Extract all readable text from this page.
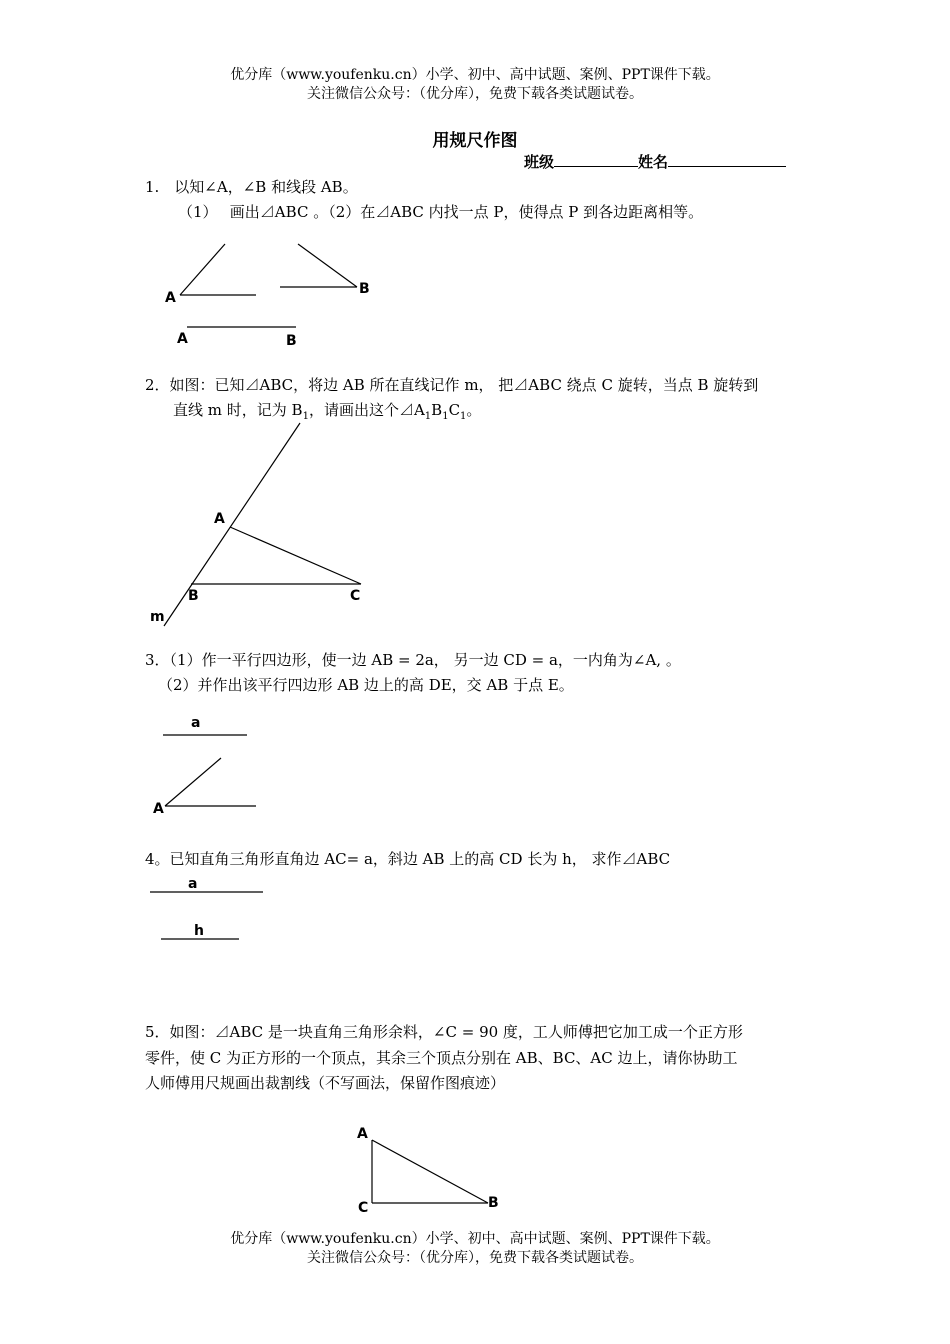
优分库（www.youfenku.cn）小学、初中、高中试题、案例、PPT课件下载。
关注微信公众号：（优分库），免费下载各类试题试卷。
用规尺作图
班级	姓名
1.　以知∠A，∠B 和线段 AB。
（1）　 画出⊿ABC 。（2）在⊿ABC 内找一点 P，使得点 P 到各边距离相等。
A
B
A	B
2．如图：已知⊿ABC，将边 AB 所在直线记作 m， 把⊿ABC 绕点 C 旋转，当点 B 旋转到
直线 m 时，记为 $B_1$，请画出这个$⊿A_1B_1C_1$。
A
B	C
m
3．（1）作一平行四边形，使一边 AB = 2a， 另一边 CD = a，一内角为∠A, 。
（2）并作出该平行四边形 AB 边上的高 DE，交 AB 于点 E。
a
A
4。已知直角三角形直角边 AC= a，斜边 AB 上的高 CD 长为 h， 求作⊿ABC
a
h
5．如图：⊿ABC 是一块直角三角形余料，∠C = 90 度，工人师傅把它加工成一个正方形
零件，使 C 为正方形的一个顶点，其余三个顶点分别在 AB、BC、AC 边上，请你协助工
人师傅用尺规画出裁割线（不写画法，保留作图痕迹）
A
B
C
优分库（www.youfenku.cn）小学、初中、高中试题、案例、PPT课件下载。
关注微信公众号：（优分库），免费下载各类试题试卷。
